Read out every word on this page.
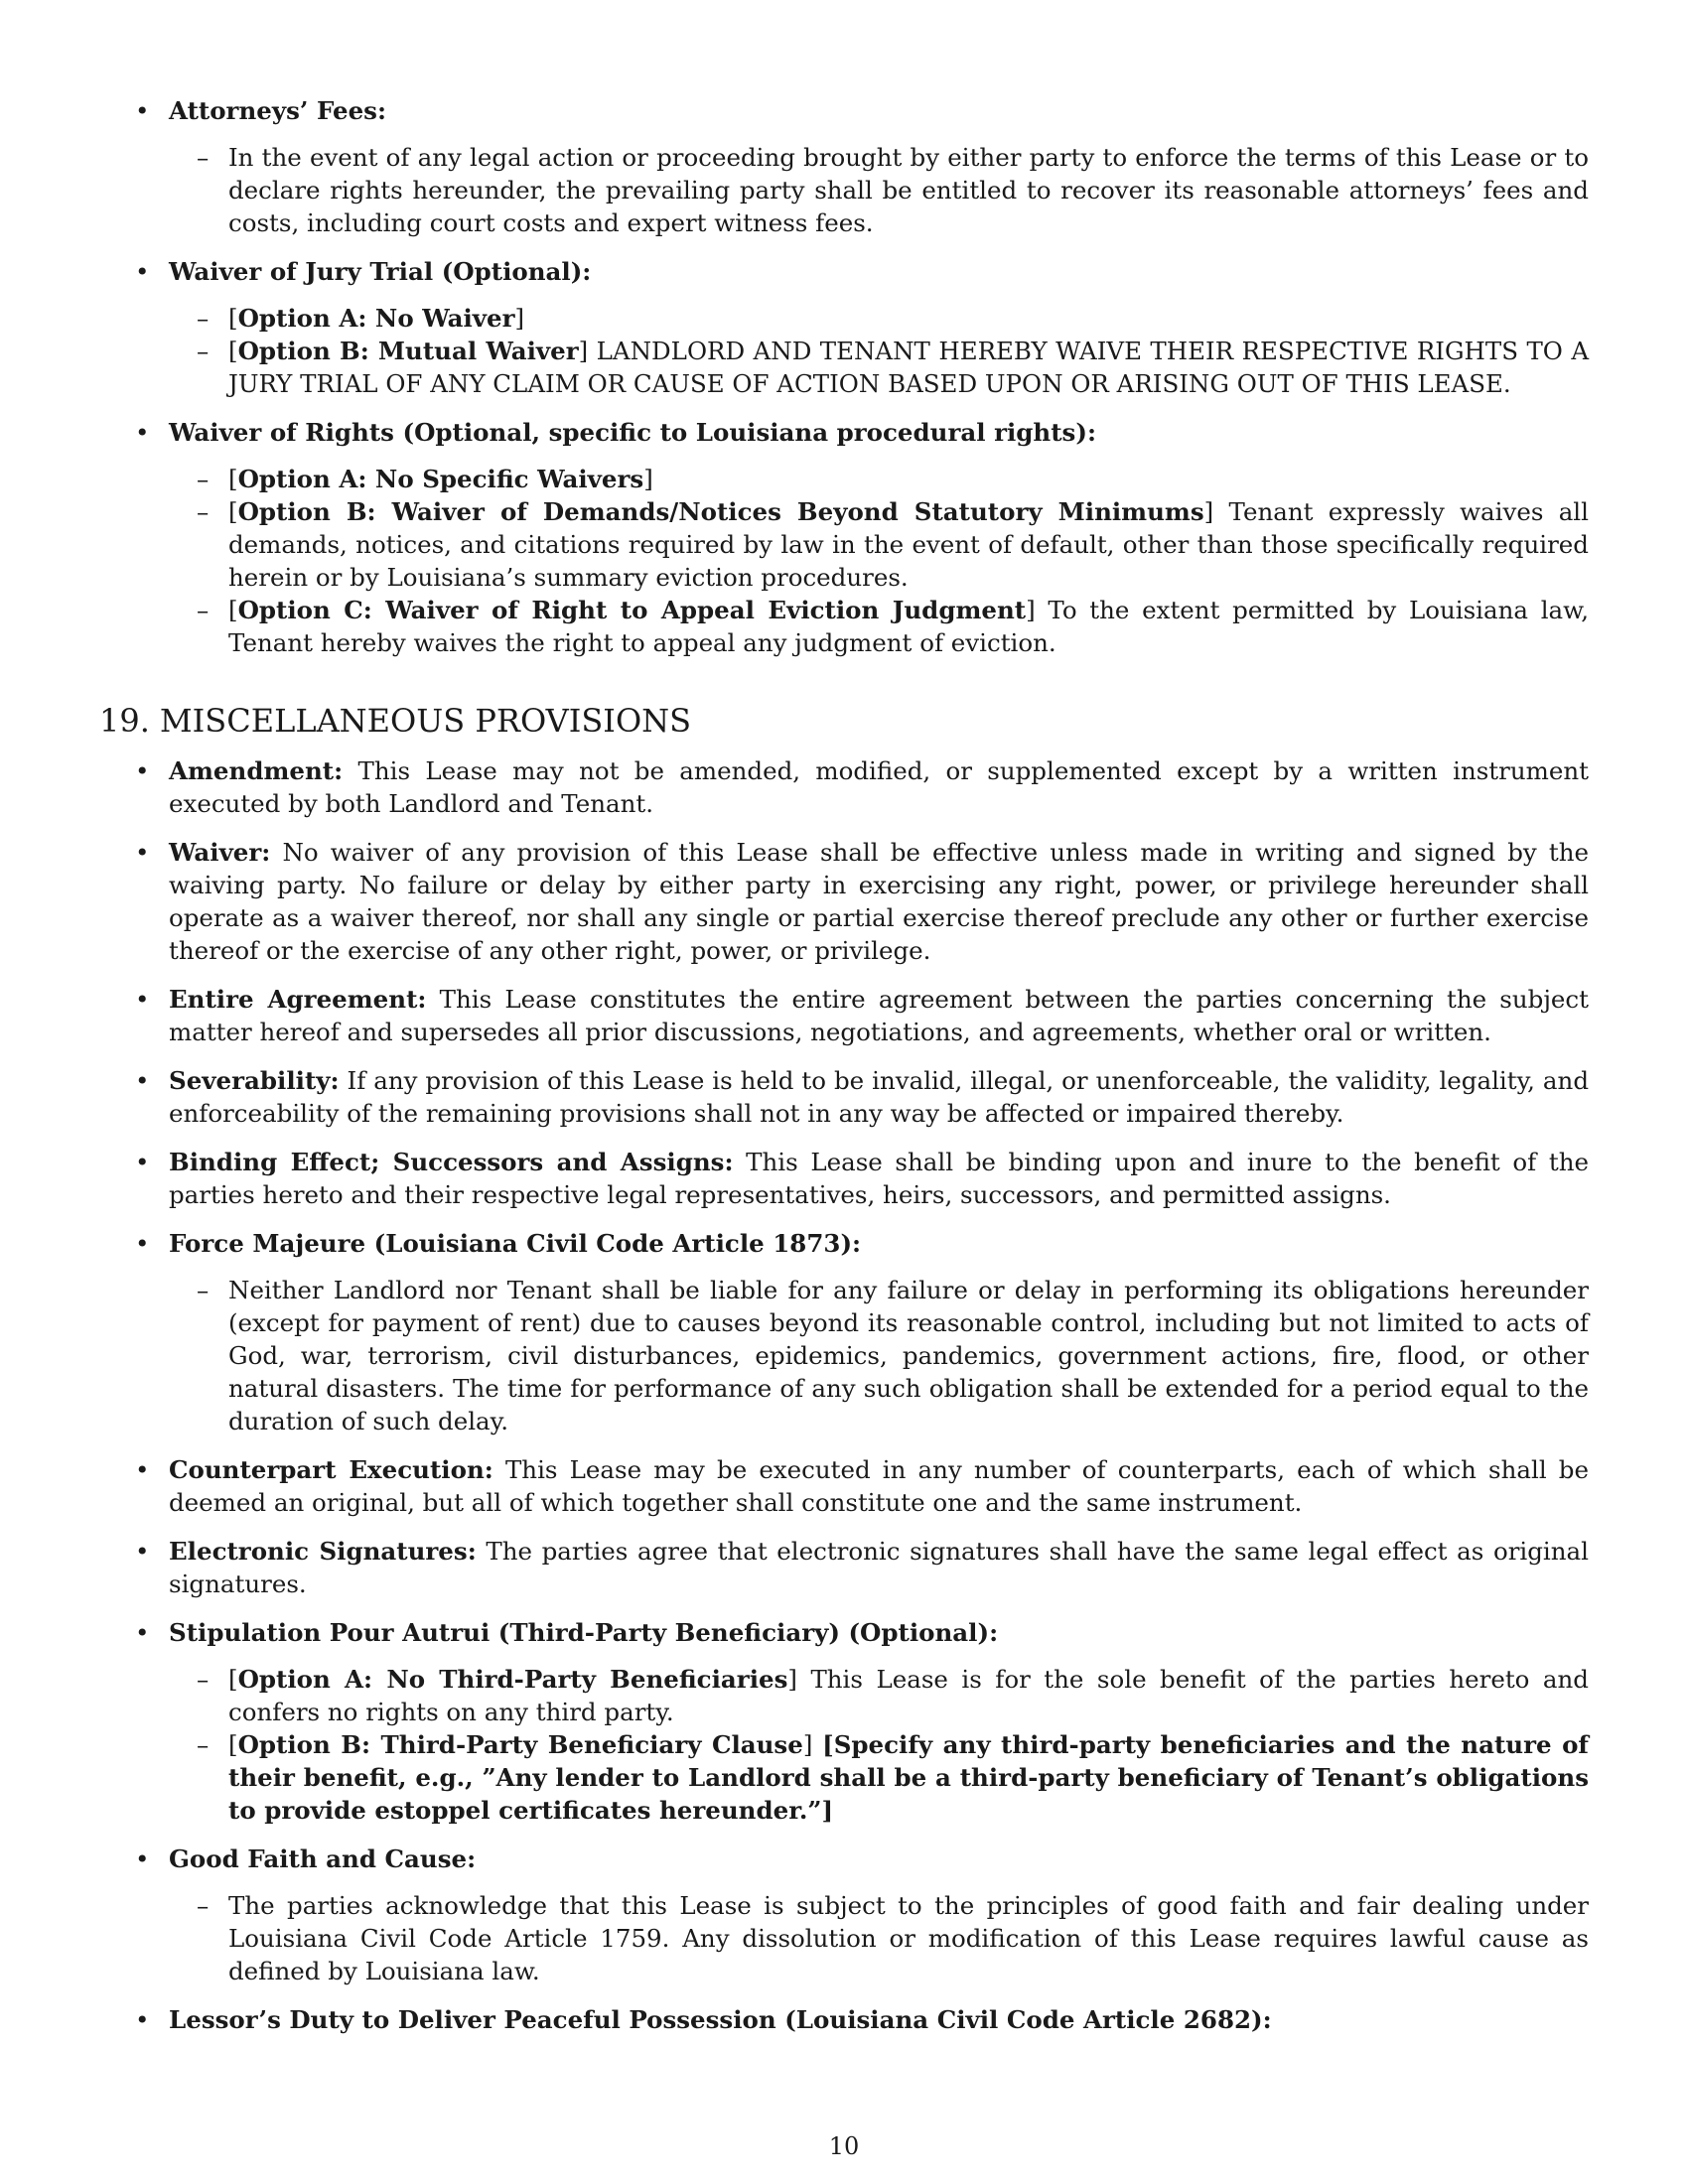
• Attorneys’ Fees:
– In the event of any legal action or proceeding brought by either party to enforce the terms of this Lease or to declare rights hereunder, the prevailing party shall be entitled to recover its reasonable attorneys’ fees and costs, including court costs and expert witness fees.
• Waiver of Jury Trial (Optional):
– [Option A: No Waiver]
– [Option B: Mutual Waiver] LANDLORD AND TENANT HEREBY WAIVE THEIR RESPECTIVE RIGHTS TO A JURY TRIAL OF ANY CLAIM OR CAUSE OF ACTION BASED UPON OR ARISING OUT OF THIS LEASE.
• Waiver of Rights (Optional, specific to Louisiana procedural rights):
– [Option A: No Specific Waivers]
– [Option B: Waiver of Demands/Notices Beyond Statutory Minimums] Tenant expressly waives all demands, notices, and citations required by law in the event of default, other than those specifically required herein or by Louisiana’s summary eviction procedures.
– [Option C: Waiver of Right to Appeal Eviction Judgment] To the extent permitted by Louisiana law, Tenant hereby waives the right to appeal any judgment of eviction.
19. MISCELLANEOUS PROVISIONS
• Amendment: This Lease may not be amended, modified, or supplemented except by a written instrument executed by both Landlord and Tenant.
• Waiver: No waiver of any provision of this Lease shall be effective unless made in writing and signed by the waiving party. No failure or delay by either party in exercising any right, power, or privilege hereunder shall operate as a waiver thereof, nor shall any single or partial exercise thereof preclude any other or further exercise thereof or the exercise of any other right, power, or privilege.
• Entire Agreement: This Lease constitutes the entire agreement between the parties concerning the subject matter hereof and supersedes all prior discussions, negotiations, and agreements, whether oral or written.
• Severability: If any provision of this Lease is held to be invalid, illegal, or unenforceable, the validity, legality, and enforceability of the remaining provisions shall not in any way be affected or impaired thereby.
• Binding Effect; Successors and Assigns: This Lease shall be binding upon and inure to the benefit of the parties hereto and their respective legal representatives, heirs, successors, and permitted assigns.
• Force Majeure (Louisiana Civil Code Article 1873):
– Neither Landlord nor Tenant shall be liable for any failure or delay in performing its obligations hereunder (except for payment of rent) due to causes beyond its reasonable control, including but not limited to acts of God, war, terrorism, civil disturbances, epidemics, pandemics, government actions, fire, flood, or other natural disasters. The time for performance of any such obligation shall be extended for a period equal to the duration of such delay.
• Counterpart Execution: This Lease may be executed in any number of counterparts, each of which shall be deemed an original, but all of which together shall constitute one and the same instrument.
• Electronic Signatures: The parties agree that electronic signatures shall have the same legal effect as original signatures.
• Stipulation Pour Autrui (Third-Party Beneficiary) (Optional):
– [Option A: No Third-Party Beneficiaries] This Lease is for the sole benefit of the parties hereto and confers no rights on any third party.
– [Option B: Third-Party Beneficiary Clause] [Specify any third-party beneficiaries and the nature of their benefit, e.g., ”Any lender to Landlord shall be a third-party beneficiary of Tenant’s obligations to provide estoppel certificates hereunder.”]
• Good Faith and Cause:
– The parties acknowledge that this Lease is subject to the principles of good faith and fair dealing under Louisiana Civil Code Article 1759. Any dissolution or modification of this Lease requires lawful cause as defined by Louisiana law.
• Lessor’s Duty to Deliver Peaceful Possession (Louisiana Civil Code Article 2682):
10
